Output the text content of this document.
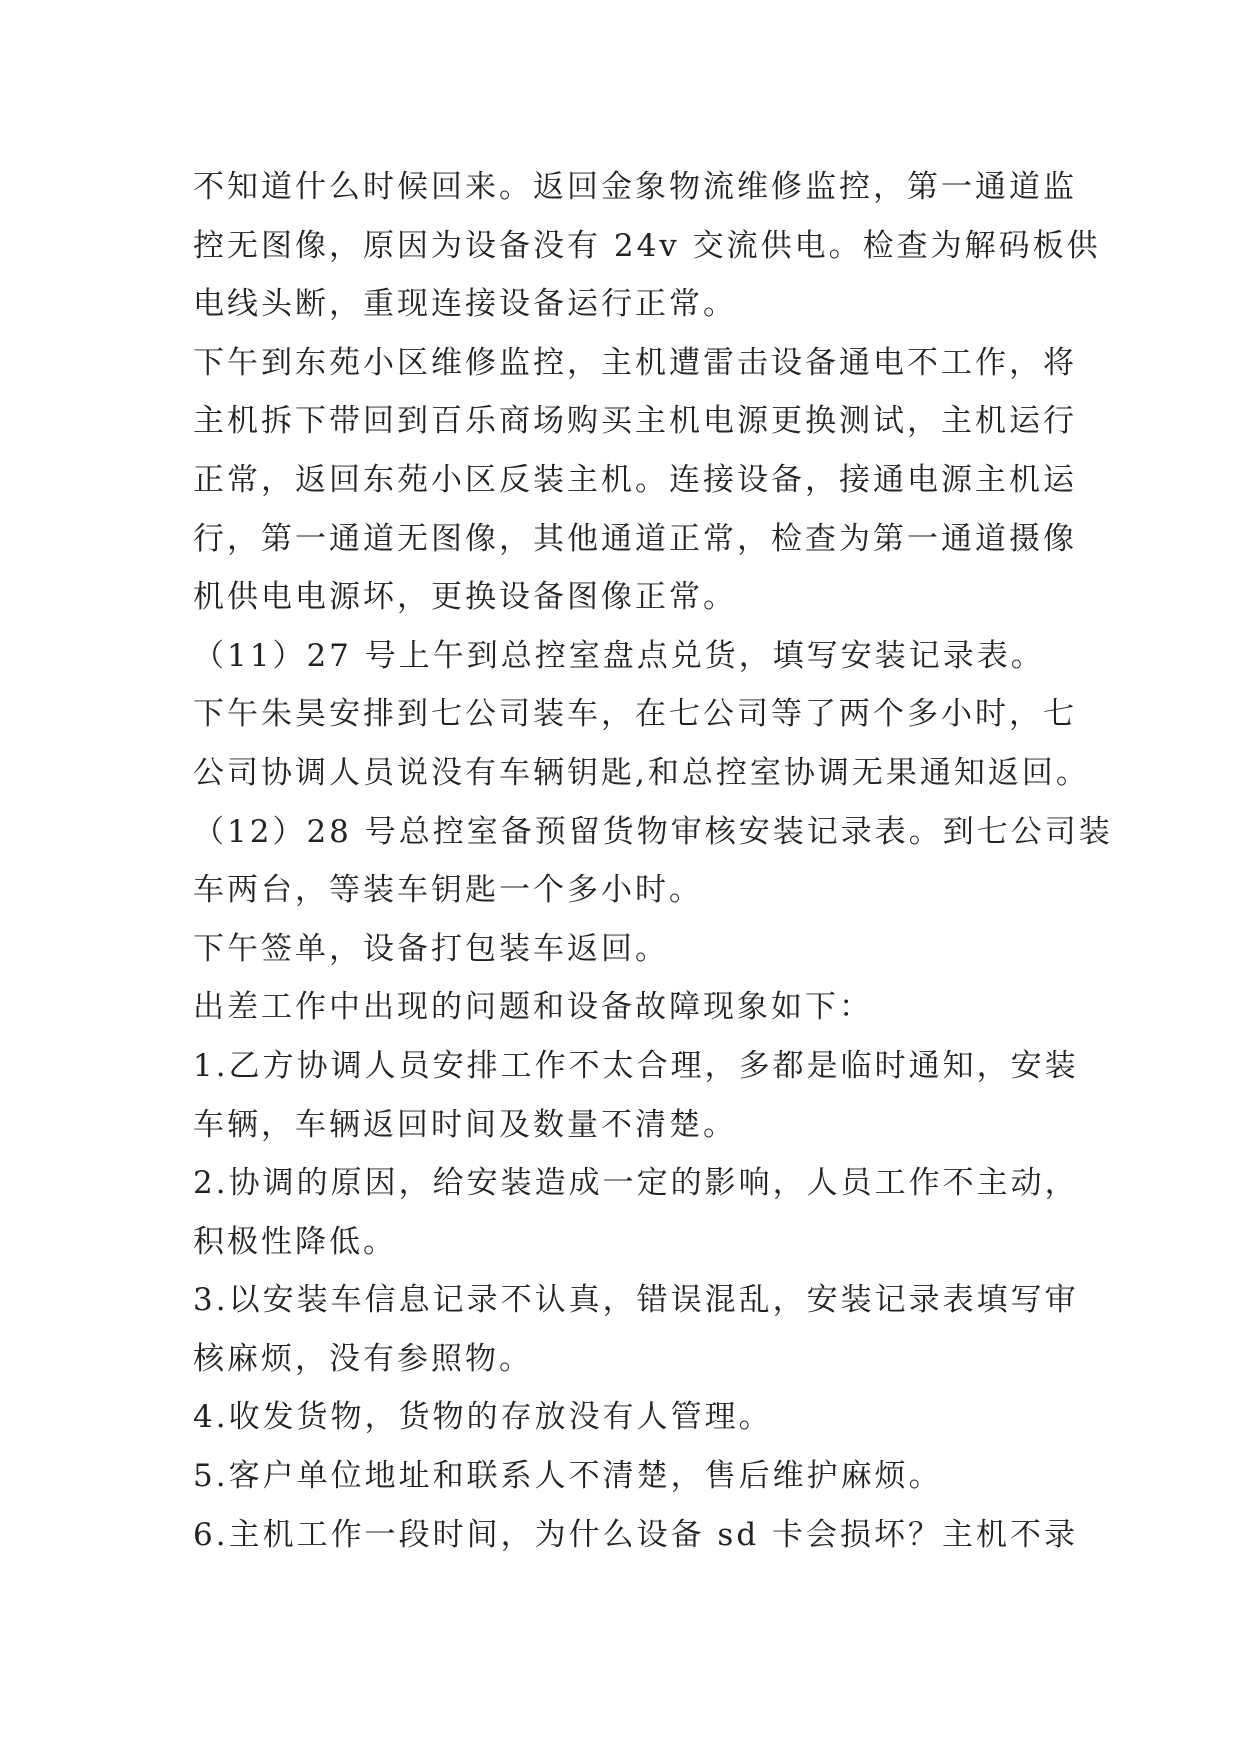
不知道什么时候回来。返回金象物流维修监控，第一通道监
控无图像，原因为设备没有 24v 交流供电。检查为解码板供
电线头断，重现连接设备运行正常。
下午到东苑小区维修监控，主机遭雷击设备通电不工作，将
主机拆下带回到百乐商场购买主机电源更换测试，主机运行
正常，返回东苑小区反装主机。连接设备，接通电源主机运
行，第一通道无图像，其他通道正常，检查为第一通道摄像
机供电电源坏，更换设备图像正常。
（11）27 号上午到总控室盘点兑货，填写安装记录表。
下午朱昊安排到七公司装车，在七公司等了两个多小时，七
公司协调人员说没有车辆钥匙,和总控室协调无果通知返回。
（12）28 号总控室备预留货物审核安装记录表。到七公司装
车两台，等装车钥匙一个多小时。
下午签单，设备打包装车返回。
出差工作中出现的问题和设备故障现象如下：
1.乙方协调人员安排工作不太合理，多都是临时通知，安装
车辆，车辆返回时间及数量不清楚。
2.协调的原因，给安装造成一定的影响，人员工作不主动，
积极性降低。
3.以安装车信息记录不认真，错误混乱，安装记录表填写审
核麻烦，没有参照物。
4.收发货物，货物的存放没有人管理。
5.客户单位地址和联系人不清楚，售后维护麻烦。
6.主机工作一段时间，为什么设备 sd 卡会损坏？主机不录
